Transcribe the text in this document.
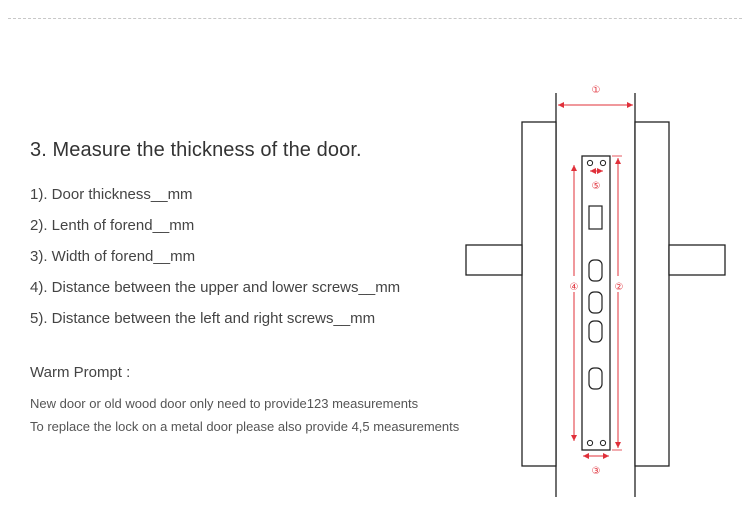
3. Measure the thickness of the door.
1). Door thickness__mm
2). Lenth of forend__mm
3). Width of forend__mm
4). Distance between the upper and lower screws__mm
5). Distance between the left and right screws__mm
Warm Prompt :
New door or old wood door only need to provide123 measurements
To replace the lock on a metal door please also provide 4,5 measurements
①
②
③
④
⑤
